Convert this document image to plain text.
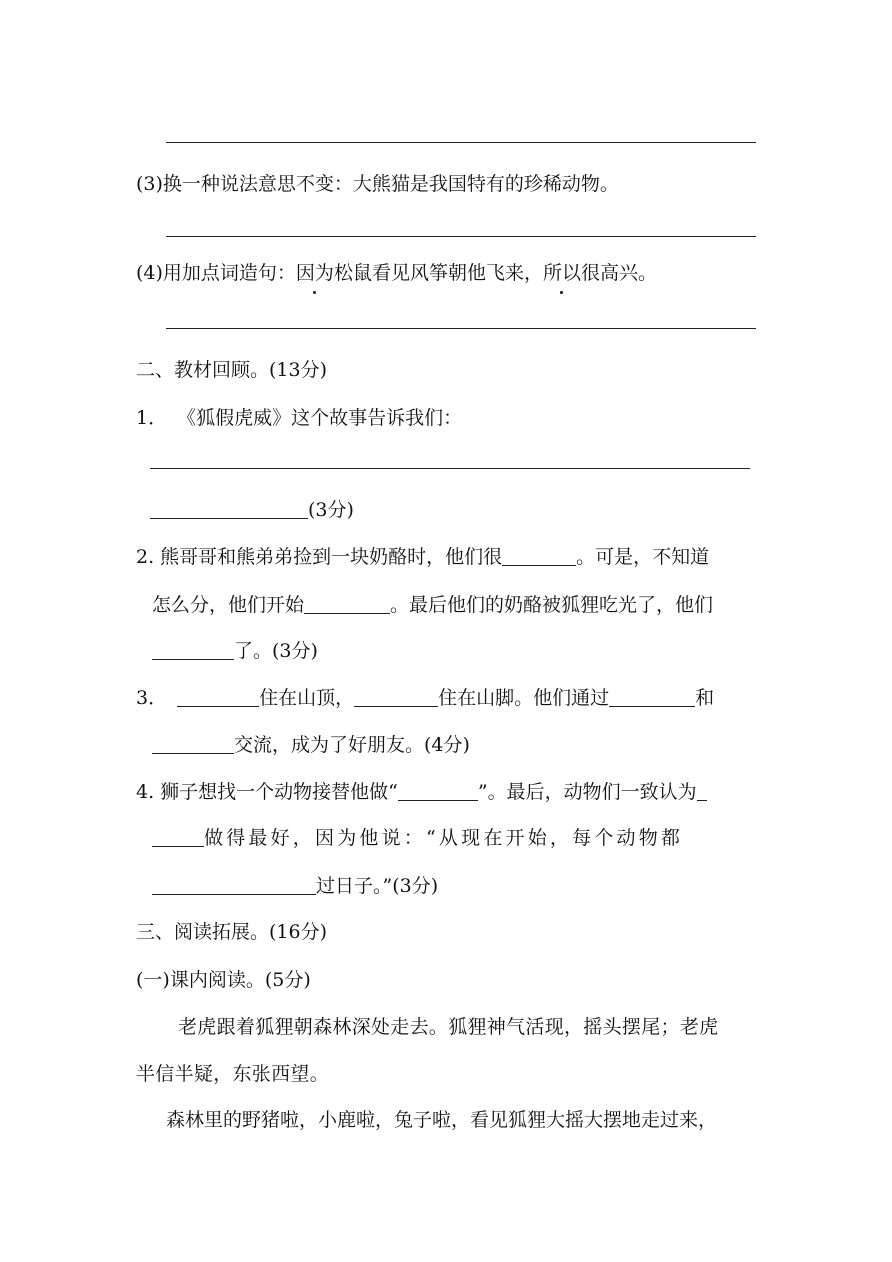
(3)换一种说法意思不变：大熊猫是我国特有的珍稀动物。
(4)用加点词造句：因为松鼠看见风筝朝他飞来，所以很高兴。
二、教材回顾。(13分)
1． 《狐假虎威》这个故事告诉我们：
(3分)
2. 熊哥哥和熊弟弟捡到一块奶酪时，他们很	。可是，不知道
怎么分，他们开始	。最后他们的奶酪被狐狸吃光了，他们
了。(3分)
3．	住在山顶，	住在山脚。他们通过	和
交流，成为了好朋友。(4分)
4. 狮子想找一个动物接替他做“	”。最后，动物们一致认为
做得最好，因为他说：“从现在开始，每个动物都
过日子。”(3分)
三、阅读拓展。(16分)
(一)课内阅读。(5分)
老虎跟着狐狸朝森林深处走去。狐狸神气活现，摇头摆尾；老虎
半信半疑，东张西望。
森林里的野猪啦，小鹿啦，兔子啦，看见狐狸大摇大摆地走过来，
